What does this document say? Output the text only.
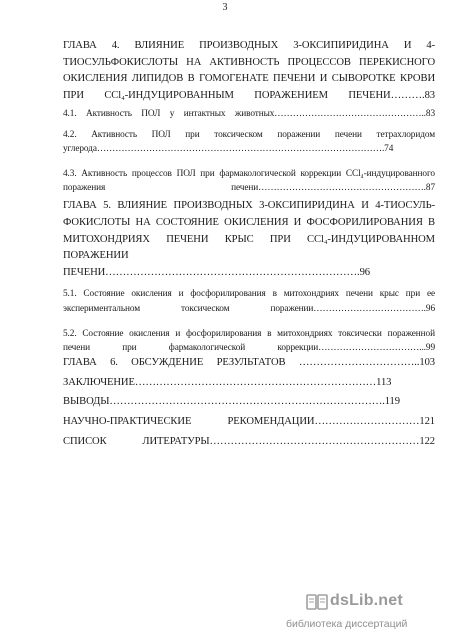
3
ГЛАВА 4. ВЛИЯНИЕ ПРОИЗВОДНЫХ 3-ОКСИПИРИДИНА И 4-ТИОСУЛЬФОКИСЛОТЫ НА АКТИВНОСТЬ ПРОЦЕССОВ ПЕРЕКИСНОГО ОКИСЛЕНИЯ ЛИПИДОВ В ГОМОГЕНАТЕ ПЕЧЕНИ И СЫВОРОТКЕ КРОВИ ПРИ ССl₄-ИНДУЦИРОВАННЫМ ПОРАЖЕНИЕМ ПЕЧЕНИ……….83
4.1. Активность ПОЛ у интактных животных…………………………………………..83
4.2. Активность ПОЛ при токсическом поражении печени тетрахлоридом углерода………………………………………………………………………………….74
4.3. Активность процессов ПОЛ при фармакологической коррекции ССl₄-индуцированного поражения печени……………………………………………….87
ГЛАВА 5. ВЛИЯНИЕ ПРОИЗВОДНЫХ 3-ОКСИПИРИДИНА И 4-ТИОСУЛЬ-ФОКИСЛОТЫ НА СОСТОЯНИЕ ОКИСЛЕНИЯ И ФОСФОРИЛИРОВАНИЯ В МИТОХОНДРИЯХ ПЕЧЕНИ КРЫС ПРИ ССl₄-ИНДУЦИРОВАННОМ ПОРАЖЕНИИ ПЕЧЕНИ……………………………………………………………….96
5.1. Состояние окисления и фосфорилирования в митохондриях печени крыс при ее экспериментальном токсическом поражении……………………………….96
5.2. Состояние окисления и фосфорилирования в митохондриях токсически пораженной печени при фармакологической коррекции……………………………...99
ГЛАВА 6. ОБСУЖДЕНИЕ РЕЗУЛЬТАТОВ ……………………………..103
ЗАКЛЮЧЕНИЕ……………………………………………………………113
ВЫВОДЫ…………………………………………………………………….119
НАУЧНО-ПРАКТИЧЕСКИЕ РЕКОМЕНДАЦИИ…………………………121
СПИСОК ЛИТЕРАТУРЫ……………………………………………………122
dsLib.net
библиотека диссертаций
